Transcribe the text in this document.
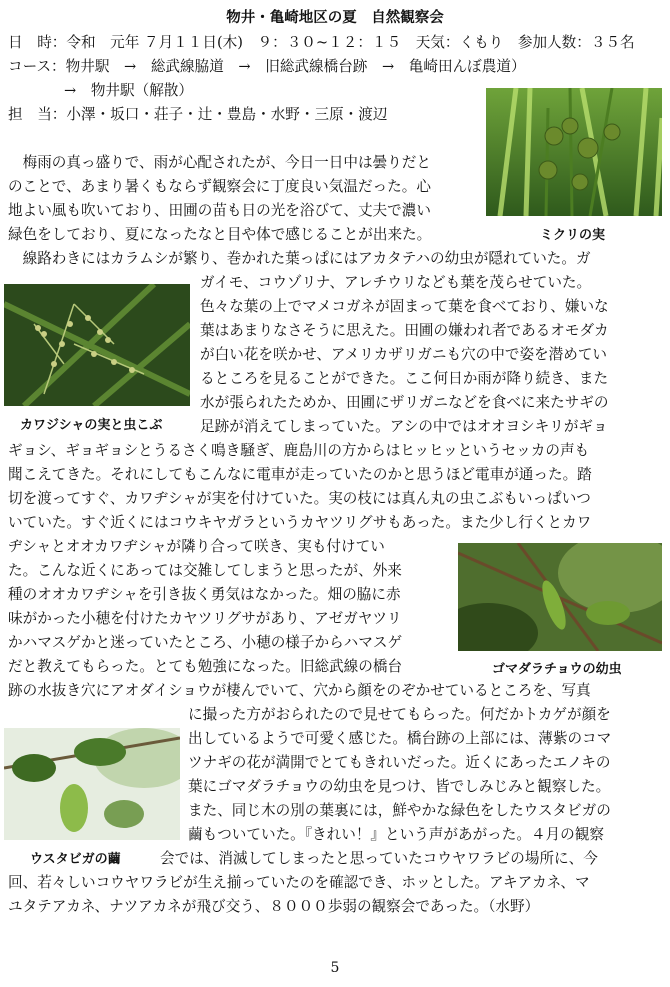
物井・亀崎地区の夏　自然観察会
日　時：令和　元年 ７月１１日(木)　９：３０~１２：１５　天気：くもり　参加人数：３５名
コース：物井駅　→　総武線脇道　→　旧総武線橋台跡　→　亀崎田んぼ農道）
→　物井駅（解散）
担　当：小澤・坂口・荘子・辻・豊島・水野・三原・渡辺
ミクリの実
カワジシャの実と虫こぶ
ゴマダラチョウの幼虫
ウスタビガの繭
　梅雨の真っ盛りで、雨が心配されたが、今日一日中は曇りだと
のことで、あまり暑くもならず観察会に丁度良い気温だった。心
地よい風も吹いており、田圃の苗も日の光を浴びて、丈夫で濃い
緑色をしており、夏になったなと目や体で感じることが出来た。
　線路わきにはカラムシが繁り、巻かれた葉っぱにはアカタテハの幼虫が隠れていた。ガ
ガイモ、コウゾリナ、アレチウリなども葉を茂らせていた。
色々な葉の上でマメコガネが固まって葉を食べており、嫌いな
葉はあまりなさそうに思えた。田圃の嫌われ者であるオモダカ
が白い花を咲かせ、アメリカザリガニも穴の中で姿を潜めてい
るところを見ることができた。ここ何日か雨が降り続き、また
水が張られたためか、田圃にザリガニなどを食べに来たサギの
足跡が消えてしまっていた。アシの中ではオオヨシキリがギョ
ギョシ、ギョギョシとうるさく鳴き騒ぎ、鹿島川の方からはヒッヒッというセッカの声も
聞こえてきた。それにしてもこんなに電車が走っていたのかと思うほど電車が通った。踏
切を渡ってすぐ、カワヂシャが実を付けていた。実の枝には真ん丸の虫こぶもいっぱいつ
いていた。すぐ近くにはコウキヤガラというカヤツリグサもあった。また少し行くとカワ
ヂシャとオオカワヂシャが隣り合って咲き、実も付けてい
た。こんな近くにあっては交雑してしまうと思ったが、外来
種のオオカワヂシャを引き抜く勇気はなかった。畑の脇に赤
味がかった小穂を付けたカヤツリグサがあり、アゼガヤツリ
かハマスゲかと迷っていたところ、小穂の様子からハマスゲ
だと教えてもらった。とても勉強になった。旧総武線の橋台
跡の水抜き穴にアオダイショウが棲んでいて、穴から顔をのぞかせているところを、写真
に撮った方がおられたので見せてもらった。何だかトカゲが顔を
出しているようで可愛く感じた。橋台跡の上部には、薄紫のコマ
ツナギの花が満開でとてもきれいだった。近くにあったエノキの
葉にゴマダラチョウの幼虫を見つけ、皆でしみじみと観察した。
また、同じ木の別の葉裏には，鮮やかな緑色をしたウスタビガの
繭もついていた。『きれい！』という声があがった。４月の観察
会では、消滅してしまったと思っていたコウヤワラビの場所に、今
回、若々しいコウヤワラビが生え揃っていたのを確認でき、ホッとした。アキアカネ、マ
ユタテアカネ、ナツアカネが飛び交う、８０００歩弱の観察会であった。（水野）
5
